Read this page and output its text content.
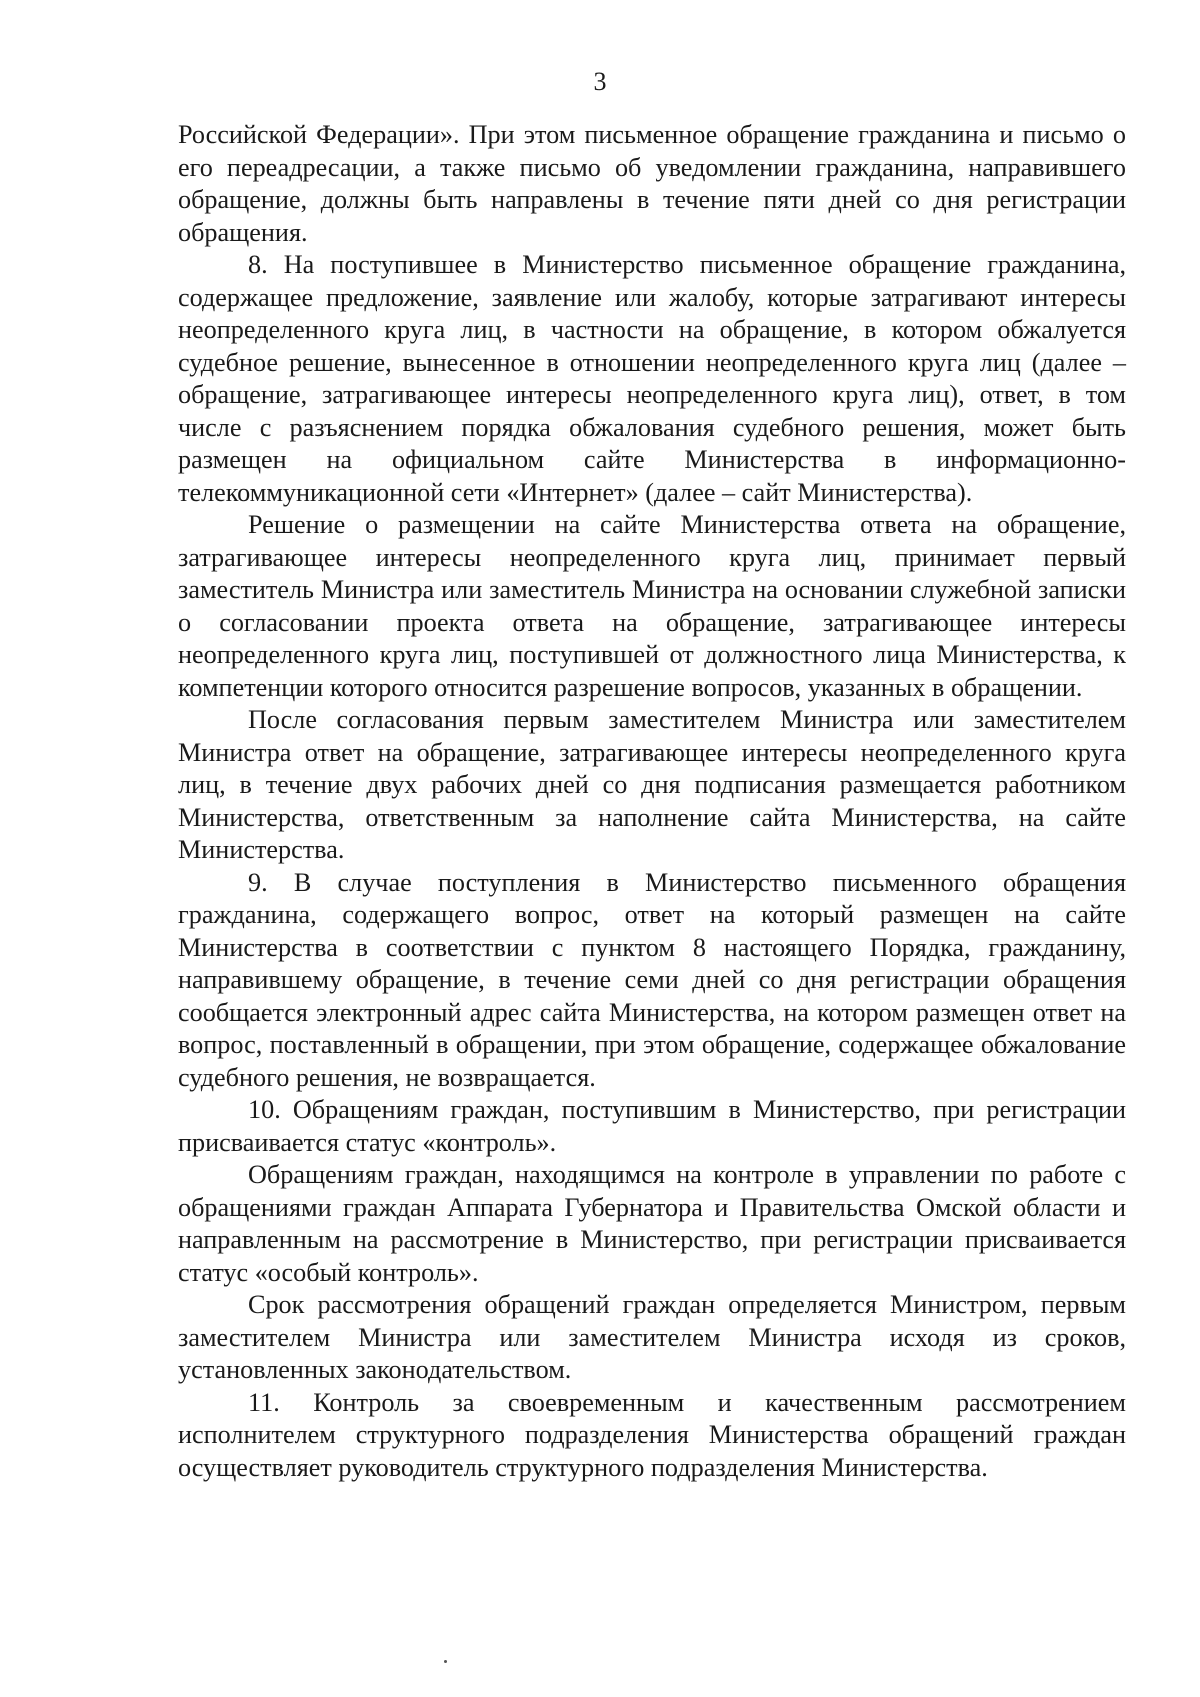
3

Российской Федерации». При этом письменное обращение гражданина и письмо о его переадресации, а также письмо об уведомлении гражданина, направившего обращение, должны быть направлены в течение пяти дней со дня регистрации обращения.

8. На поступившее в Министерство письменное обращение гражданина, содержащее предложение, заявление или жалобу, которые затрагивают интересы неопределенного круга лиц, в частности на обращение, в котором обжалуется судебное решение, вынесенное в отношении неопределенного круга лиц (далее – обращение, затрагивающее интересы неопределенного круга лиц), ответ, в том числе с разъяснением порядка обжалования судебного решения, может быть размещен на официальном сайте Министерства в информационно-телекоммуникационной сети «Интернет» (далее – сайт Министерства).

Решение о размещении на сайте Министерства ответа на обращение, затрагивающее интересы неопределенного круга лиц, принимает первый заместитель Министра или заместитель Министра на основании служебной записки о согласовании проекта ответа на обращение, затрагивающее интересы неопределенного круга лиц, поступившей от должностного лица Министерства, к компетенции которого относится разрешение вопросов, указанных в обращении.

После согласования первым заместителем Министра или заместителем Министра ответ на обращение, затрагивающее интересы неопределенного круга лиц, в течение двух рабочих дней со дня подписания размещается работником Министерства, ответственным за наполнение сайта Министерства, на сайте Министерства.

9. В случае поступления в Министерство письменного обращения гражданина, содержащего вопрос, ответ на который размещен на сайте Министерства в соответствии с пунктом 8 настоящего Порядка, гражданину, направившему обращение, в течение семи дней со дня регистрации обращения сообщается электронный адрес сайта Министерства, на котором размещен ответ на вопрос, поставленный в обращении, при этом обращение, содержащее обжалование судебного решения, не возвращается.

10. Обращениям граждан, поступившим в Министерство, при регистрации присваивается статус «контроль».

Обращениям граждан, находящимся на контроле в управлении по работе с обращениями граждан Аппарата Губернатора и Правительства Омской области и направленным на рассмотрение в Министерство, при регистрации присваивается статус «особый контроль».

Срок рассмотрения обращений граждан определяется Министром, первым заместителем Министра или заместителем Министра исходя из сроков, установленных законодательством.

11. Контроль за своевременным и качественным рассмотрением исполнителем структурного подразделения Министерства обращений граждан осуществляет руководитель структурного подразделения Министерства.
